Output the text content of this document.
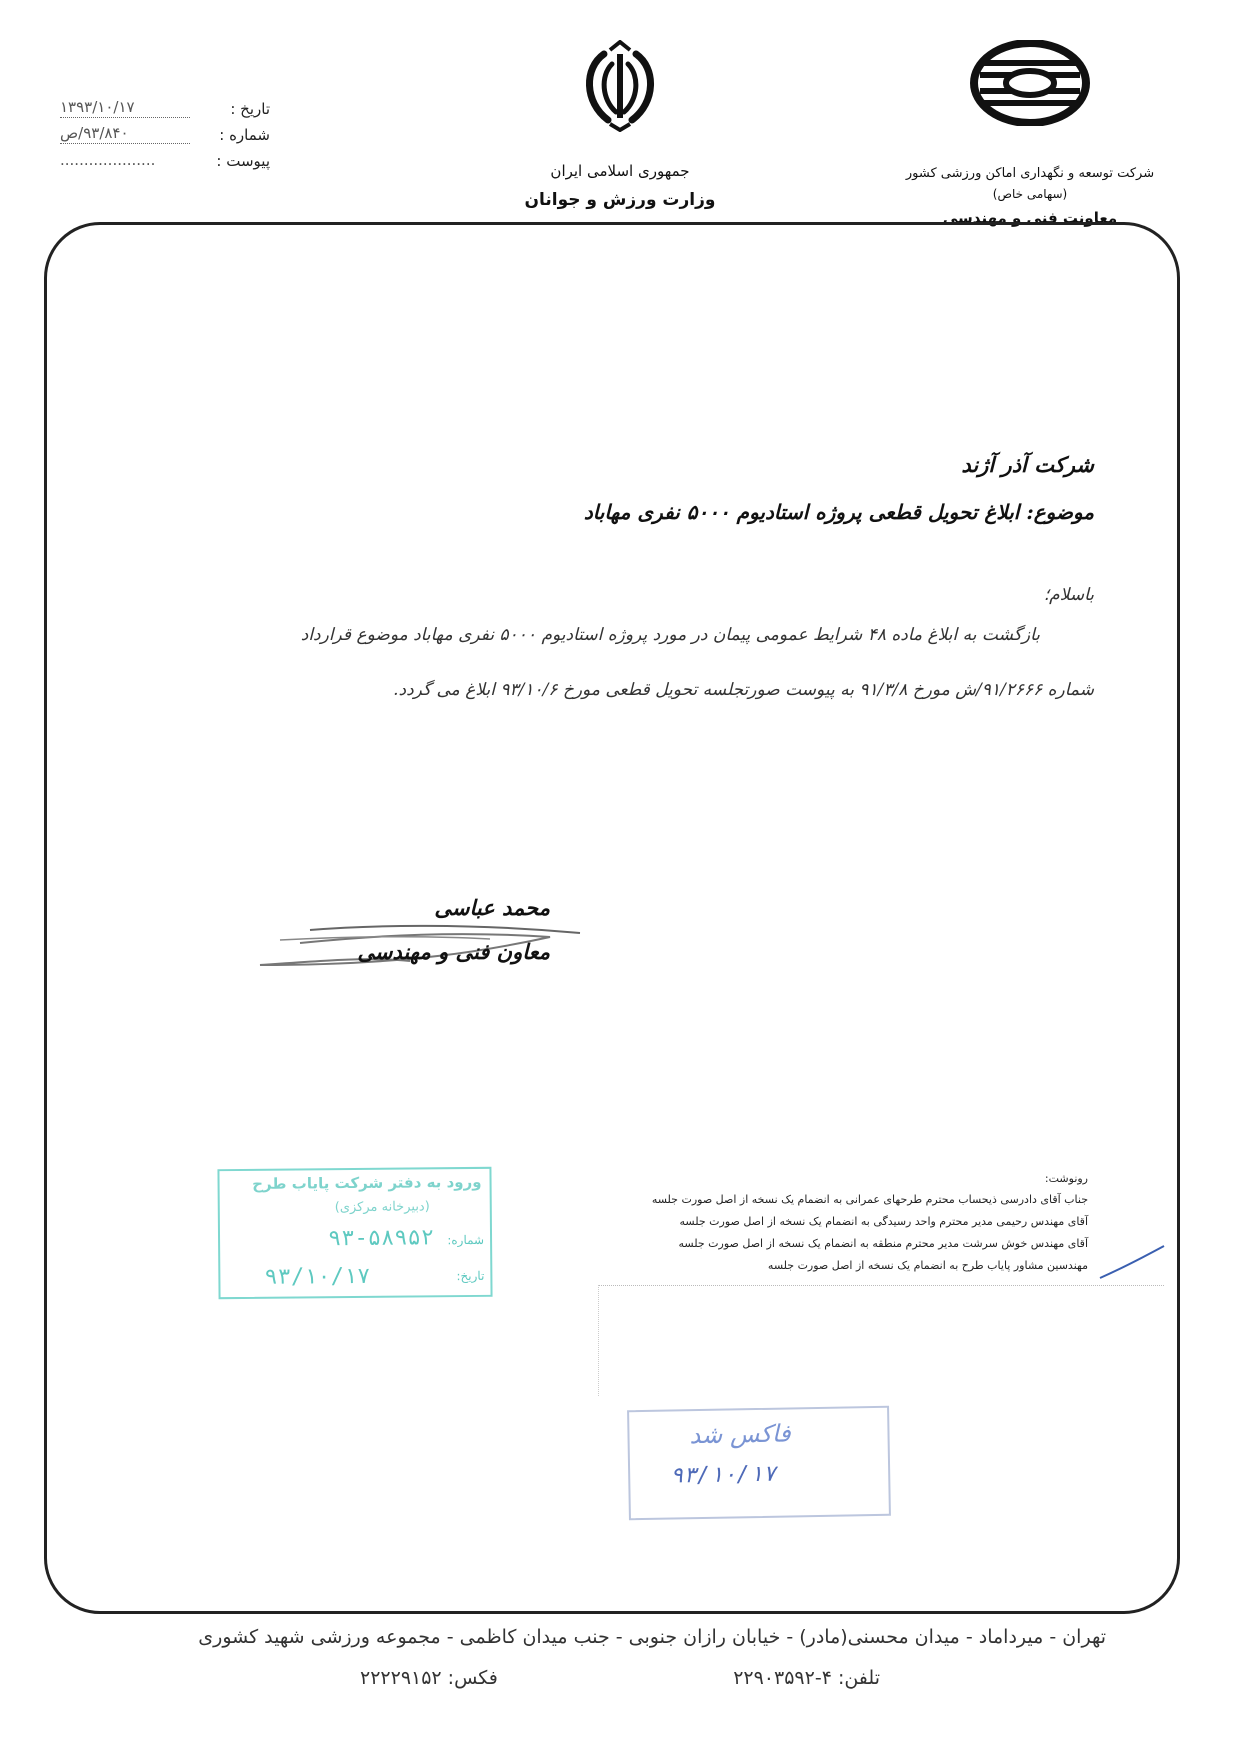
تاریخ :
۱۳۹۳/۱۰/۱۷
شماره :
۹۳/۸۴۰/ص
پیوست :
....................
جمهوری اسلامی ایران
وزارت ورزش و جوانان
شرکت توسعه و نگهداری اماکن ورزشی کشور
(سهامی خاص)
معاونت فنی و مهندسی
شرکت آذر آژند
موضوع: ابلاغ تحویل قطعی پروژه استادیوم ۵۰۰۰ نفری مهاباد
باسلام؛
بازگشت به ابلاغ ماده ۴۸ شرایط عمومی پیمان در مورد پروژه استادیوم ۵۰۰۰ نفری مهاباد موضوع قرارداد
شماره ۹۱/۲۶۶۶/ش مورخ ۹۱/۳/۸ به پیوست صورتجلسه تحویل قطعی مورخ ۹۳/۱۰/۶ ابلاغ می گردد.
محمد عباسی
معاون فنی و مهندسی
ورود به دفتر شرکت پایاب طرح
(دبیرخانه مرکزی)
شماره:
۹۳-۵۸۹۵۲
تاریخ:
۹۳/۱۰/۱۷
رونوشت:
جناب آقای دادرسی ذیحساب محترم طرحهای عمرانی به انضمام یک نسخه از اصل صورت جلسه
آقای مهندس رحیمی مدیر محترم واحد رسیدگی به انضمام یک نسخه از اصل صورت جلسه
آقای مهندس خوش سرشت مدیر محترم منطقه به انضمام یک نسخه از اصل صورت جلسه
مهندسین مشاور پایاب طرح به انضمام یک نسخه از اصل صورت جلسه
فاکس شد
۹۳/۱۰/۱۷
تهران - میرداماد - میدان محسنی(مادر) - خیابان رازان جنوبی - جنب میدان کاظمی - مجموعه ورزشی شهید کشوری
تلفن: ۴-۲۲۹۰۳۵۹۲
فکس: ۲۲۲۲۹۱۵۲
